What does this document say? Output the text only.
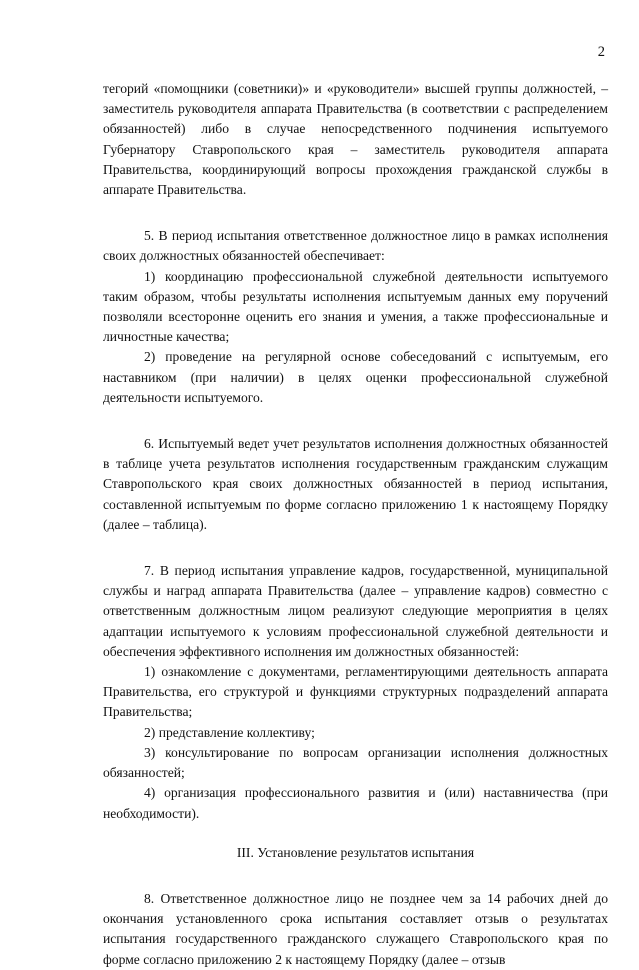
2

тегорий «помощники (советники)» и «руководители» высшей группы должностей, – заместитель руководителя аппарата Правительства (в соответствии с распределением обязанностей) либо в случае непосредственного подчинения испытуемого Губернатору Ставропольского края – заместитель руководителя аппарата Правительства, координирующий вопросы прохождения гражданской службы в аппарате Правительства.

5. В период испытания ответственное должностное лицо в рамках исполнения своих должностных обязанностей обеспечивает:

1) координацию профессиональной служебной деятельности испытуемого таким образом, чтобы результаты исполнения испытуемым данных ему поручений позволяли всесторонне оценить его знания и умения, а также профессиональные и личностные качества;

2) проведение на регулярной основе собеседований с испытуемым, его наставником (при наличии) в целях оценки профессиональной служебной деятельности испытуемого.

6. Испытуемый ведет учет результатов исполнения должностных обязанностей в таблице учета результатов исполнения государственным гражданским служащим Ставропольского края своих должностных обязанностей в период испытания, составленной испытуемым по форме согласно приложению 1 к настоящему Порядку (далее – таблица).

7. В период испытания управление кадров, государственной, муниципальной службы и наград аппарата Правительства (далее – управление кадров) совместно с ответственным должностным лицом реализуют следующие мероприятия в целях адаптации испытуемого к условиям профессиональной служебной деятельности и обеспечения эффективного исполнения им должностных обязанностей:

1) ознакомление с документами, регламентирующими деятельность аппарата Правительства, его структурой и функциями структурных подразделений аппарата Правительства;

2) представление коллективу;

3) консультирование по вопросам организации исполнения должностных обязанностей;

4) организация профессионального развития и (или) наставничества (при необходимости).

III. Установление результатов испытания

8. Ответственное должностное лицо не позднее чем за 14 рабочих дней до окончания установленного срока испытания составляет отзыв о результатах испытания государственного гражданского служащего Ставропольского края по форме согласно приложению 2 к настоящему Порядку (далее – отзыв
